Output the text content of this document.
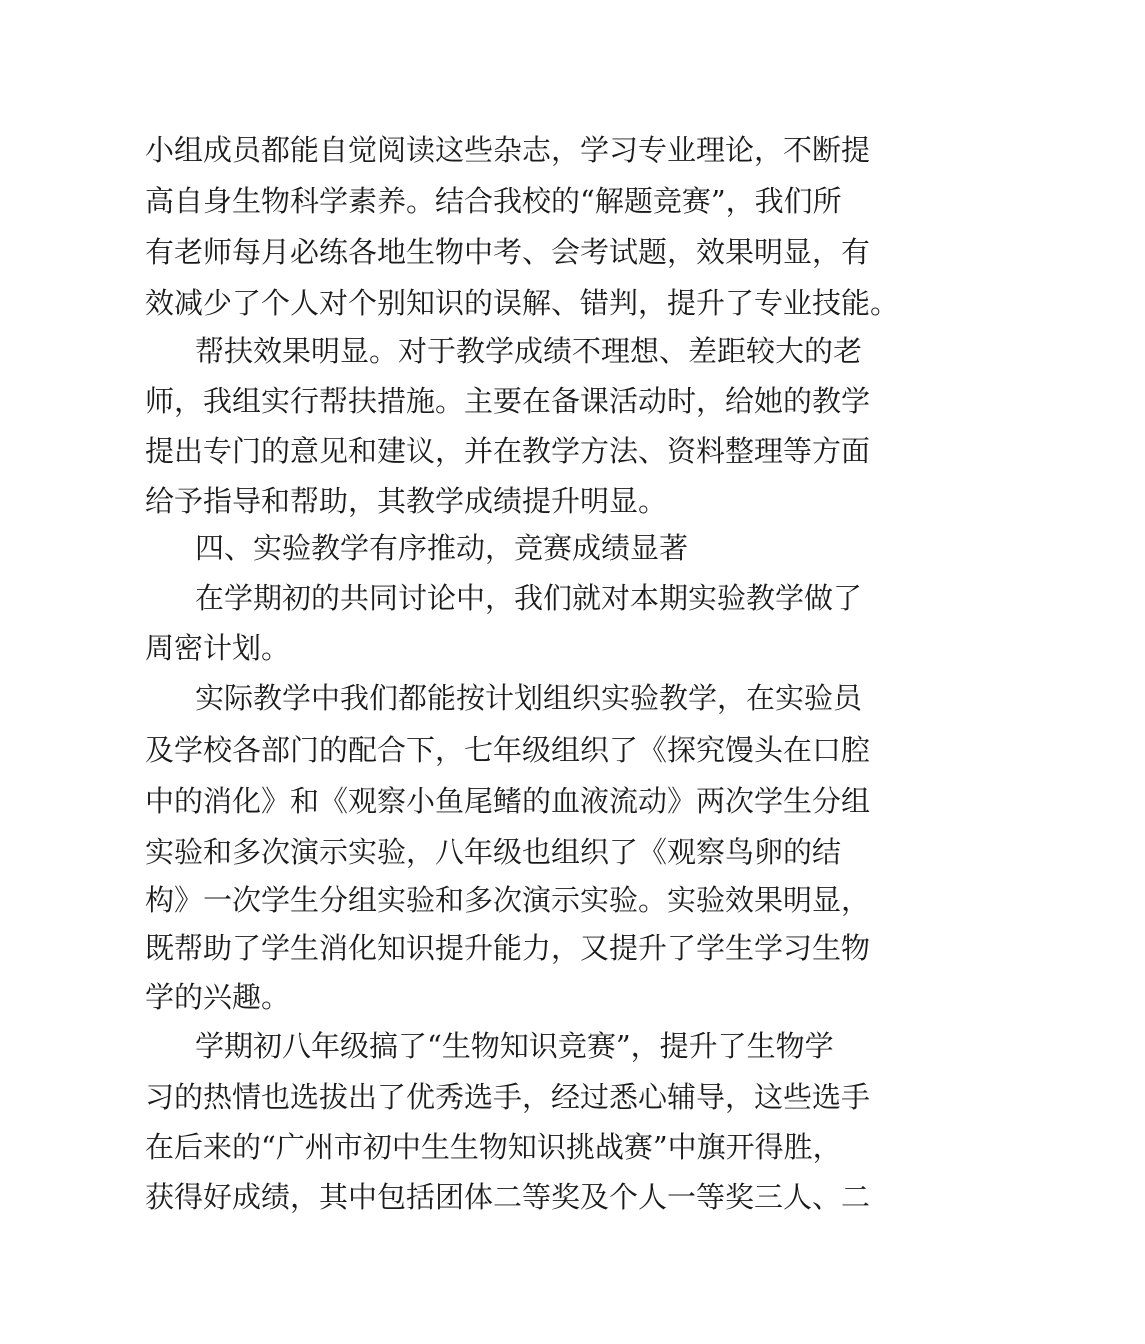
小组成员都能自觉阅读这些杂志，学习专业理论，不断提
高自身生物科学素养。结合我校的“解题竞赛”，我们所
有老师每月必练各地生物中考、会考试题，效果明显，有
效减少了个人对个别知识的误解、错判，提升了专业技能。
帮扶效果明显。对于教学成绩不理想、差距较大的老
师，我组实行帮扶措施。主要在备课活动时，给她的教学
提出专门的意见和建议，并在教学方法、资料整理等方面
给予指导和帮助，其教学成绩提升明显。
四、实验教学有序推动，竞赛成绩显著
在学期初的共同讨论中，我们就对本期实验教学做了
周密计划。
实际教学中我们都能按计划组织实验教学，在实验员
及学校各部门的配合下，七年级组织了《探究馒头在口腔
中的消化》和《观察小鱼尾鳍的血液流动》两次学生分组
实验和多次演示实验，八年级也组织了《观察鸟卵的结
构》一次学生分组实验和多次演示实验。实验效果明显，
既帮助了学生消化知识提升能力，又提升了学生学习生物
学的兴趣。
学期初八年级搞了“生物知识竞赛”，提升了生物学
习的热情也选拔出了优秀选手，经过悉心辅导，这些选手
在后来的“广州市初中生生物知识挑战赛”中旗开得胜，
获得好成绩，其中包括团体二等奖及个人一等奖三人、二
